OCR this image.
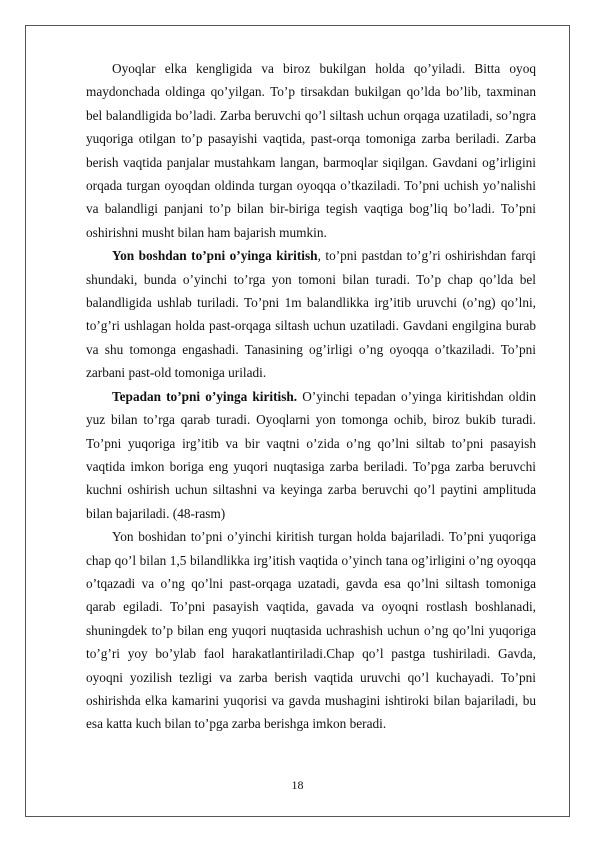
Oyoqlar elka kengligida va biroz bukilgan holda qo’yiladi. Bitta oyoq maydonchada oldinga qo’yilgan. To’p tirsakdan bukilgan qo’lda bo’lib, taxminan bel balandligida bo’ladi. Zarba beruvchi qo’l siltash uchun orqaga uzatiladi, so’ngra yuqoriga otilgan to’p pasayishi vaqtida, past-orqa tomoniga zarba beriladi. Zarba berish vaqtida panjalar mustahkam langan, barmoqlar siqilgan. Gavdani og’irligini orqada turgan oyoqdan oldinda turgan oyoqqa o’tkaziladi. To’pni uchish yo’nalishi va balandligi panjani to’p bilan bir-biriga tegish vaqtiga bog’liq bo’ladi. To’pni oshirishni musht bilan ham bajarish mumkin.

Yon boshdan to’pni o’yinga kiritish, to’pni pastdan to’g’ri oshirishdan farqi shundaki, bunda o’yinchi to’rga yon tomoni bilan turadi. To’p chap qo’lda bel balandligida ushlab turiladi. To’pni 1m balandlikka irg’itib uruvchi (o’ng) qo’lni, to’g’ri ushlagan holda past-orqaga siltash uchun uzatiladi. Gavdani engilgina burab va shu tomonga engashadi. Tanasining og’irligi o’ng oyoqqa o’tkaziladi. To’pni zarbani past-old tomoniga uriladi.

Tepadan to’pni o’yinga kiritish. O’yinchi tepadan o’yinga kiritishdan oldin yuz bilan to’rga qarab turadi. Oyoqlarni yon tomonga ochib, biroz bukib turadi. To’pni yuqoriga irg’itib va bir vaqtni o’zida o’ng qo’lni siltab to’pni pasayish vaqtida imkon boriga eng yuqori nuqtasiga zarba beriladi. To’pga zarba beruvchi kuchni oshirish uchun siltashni va keyinga zarba beruvchi qo’l paytini amplituda bilan bajariladi. (48-rasm)

Yon boshidan to’pni o’yinchi kiritish turgan holda bajariladi. To’pni yuqoriga chap qo’l bilan 1,5 bilandlikka irg’itish vaqtida o’yinch tana og’irligini o’ng oyoqqa o’tqazadi va o’ng qo’lni past-orqaga uzatadi, gavda esa qo’lni siltash tomoniga qarab egiladi. To’pni pasayish vaqtida, gavada va oyoqni rostlash boshlanadi, shuningdek to’p bilan eng yuqori nuqtasida uchrashish uchun o’ng qo’lni yuqoriga to’g’ri yoy bo’ylab faol harakatlantiriladi.Chap qo’l pastga tushiriladi. Gavda, oyoqni yozilish tezligi va zarba berish vaqtida uruvchi qo’l kuchayadi. To’pni oshirishda elka kamarini yuqorisi va gavda mushagini ishtiroki bilan bajariladi, bu esa katta kuch bilan to’pga zarba berishga imkon beradi.

18
